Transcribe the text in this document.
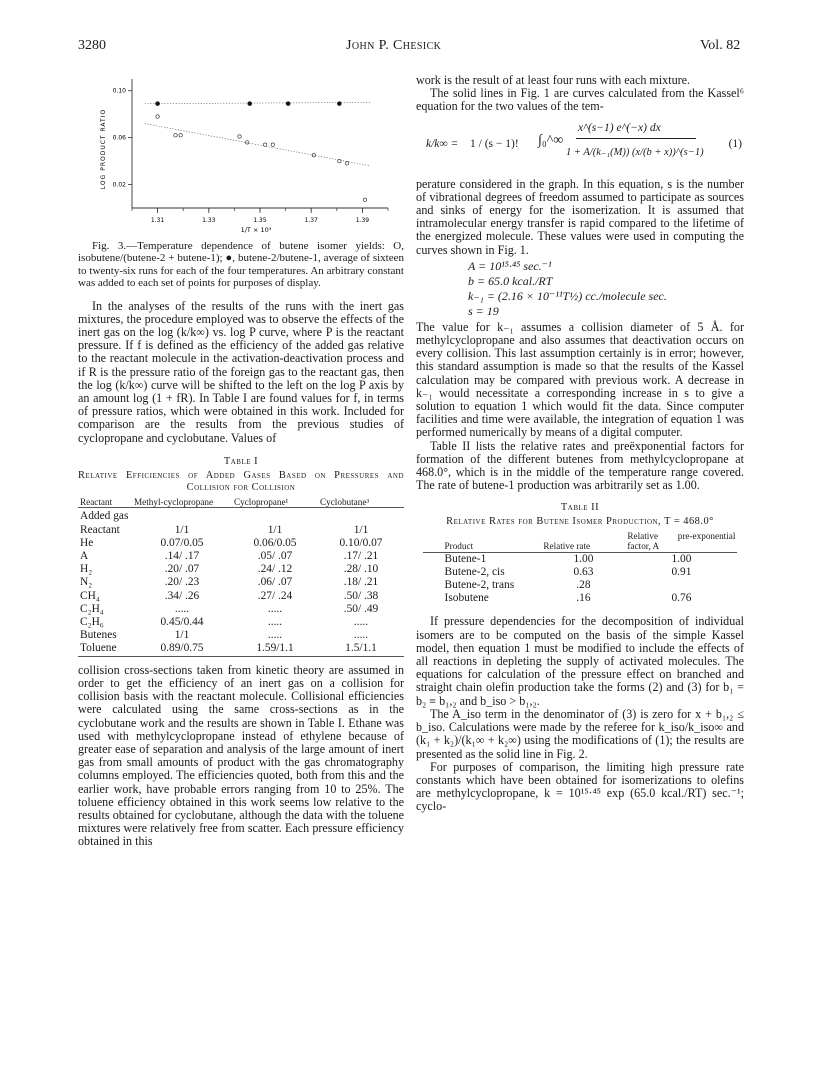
3280	John P. Chesick	Vol. 82
LOG PRODUCT RATIO
0.10
0.06
0.02
1.31	1.33	1.35	1.37	1.39
1/T × 10³

Fig. 3.—Temperature dependence of butene isomer yields: O, isobutene/(butene-2 + butene-1); ●, butene-2/butene-1, average of sixteen to twenty-six runs for each of the four temperatures. An arbitrary constant was added to each set of points for purposes of display.

In the analyses of the results of the runs with the inert gas mixtures, the procedure employed was to observe the effects of the inert gas on the log (k/k∞) vs. log P curve, where P is the reactant pressure. If f is defined as the efficiency of the added gas relative to the reactant molecule in the activation-deactivation process and if R is the pressure ratio of the foreign gas to the reactant gas, then the log (k/k∞) curve will be shifted to the left on the log P axis by an amount log (1 + fR). In Table I are found values for f, in terms of pressure ratios, which were obtained in this work. Included for comparison are the results from the previous studies of cyclopropane and cyclobutane. Values of

Table I
Relative Efficiencies of Added Gases Based on Pressures and Collision for Collision
Reactant	Methyl-cyclopropane	Cyclopropane¹	Cyclobutane³
Added gas			
Reactant	1/1	1/1	1/1
He	0.07/0.05	0.06/0.05	0.10/0.07
A	.14/ .17	.05/ .07	.17/ .21
H₂	.20/ .07	.24/ .12	.28/ .10
N₂	.20/ .23	.06/ .07	.18/ .21
CH₄	.34/ .26	.27/ .24	.50/ .38
C₂H₄	.....	.....	.50/ .49
C₂H₆	0.45/0.44	.....	.....
Butenes	1/1	.....	.....
Toluene	0.89/0.75	1.59/1.1	1.5/1.1

collision cross-sections taken from kinetic theory are assumed in order to get the efficiency of an inert gas on a collision for collision basis with the reactant molecule. Collisional efficiencies were calculated using the same cross-sections as in the cyclobutane work and the results are shown in Table I. Ethane was used with methylcyclopropane instead of ethylene because of greater ease of separation and analysis of the large amount of inert gas from small amounts of product with the gas chromatography columns employed. The efficiencies quoted, both from this and the earlier work, have probable errors ranging from 10 to 25%. The toluene efficiency obtained in this work seems low relative to the results obtained for cyclobutane, although the data with the toluene mixtures were relatively free from scatter. Each pressure efficiency obtained in this

work is the result of at least four runs with each mixture.

The solid lines in Fig. 1 are curves calculated from the Kassel⁶ equation for the two values of the tem-

k/k∞ = 1 / (s − 1)! ∫₀^∞
x^(s−1) e^(−x) dx
1 + A/(k₋₁(M)) (x/(b + x))^(s−1)
(1)

perature considered in the graph. In this equation, s is the number of vibrational degrees of freedom assumed to participate as sources and sinks of energy for the isomerization. It is assumed that intramolecular energy transfer is rapid compared to the lifetime of the energized molecule. These values were used in computing the curves shown in Fig. 1.

A = 10¹⁵·⁴⁵ sec.⁻¹
b = 65.0 kcal./RT
k₋₁ = (2.16 × 10⁻¹¹T½) cc./molecule sec.
s = 19

The value for k₋₁ assumes a collision diameter of 5 Å. for methylcyclopropane and also assumes that deactivation occurs on every collision. This last assumption certainly is in error; however, this standard assumption is made so that the results of the Kassel calculation may be compared with previous work. A decrease in k₋₁ would necessitate a corresponding increase in s to give a solution to equation 1 which would fit the data. Since computer facilities and time were available, the integration of equation 1 was performed numerically by means of a digital computer.

Table II lists the relative rates and preëxponential factors for formation of the different butenes from methylcyclopropane at 468.0°, which is in the middle of the temperature range covered. The rate of butene-1 production was arbitrarily set as 1.00.

Table II
Relative Rates for Butene Isomer Production, T = 468.0°
Product	Relative rate	Relative pre-exponential factor, A
Butene-1	1.00	1.00
Butene-2, cis	0.63	0.91
Butene-2, trans	.28	
Isobutene	.16	0.76

If pressure dependencies for the decomposition of individual isomers are to be computed on the basis of the simple Kassel model, then equation 1 must be modified to include the effects of all reactions in depleting the supply of activated molecules. The equations for calculation of the pressure effect on branched and straight chain olefin production take the forms (2) and (3) for b₁ = b₂ ≡ b₁,₂ and b_iso > b₁,₂.

The A_iso term in the denominator of (3) is zero for x + b₁,₂ ≤ b_iso. Calculations were made by the referee for k_iso/k_iso∞ and (k₁ + k₂)/(k₁∞ + k₂∞) using the modifications of (1); the results are presented as the solid line in Fig. 2.

For purposes of comparison, the limiting high pressure rate constants which have been obtained for isomerizations to olefins are methylcyclopropane, k = 10¹⁵·⁴⁵ exp (65.0 kcal./RT) sec.⁻¹; cyclo-
